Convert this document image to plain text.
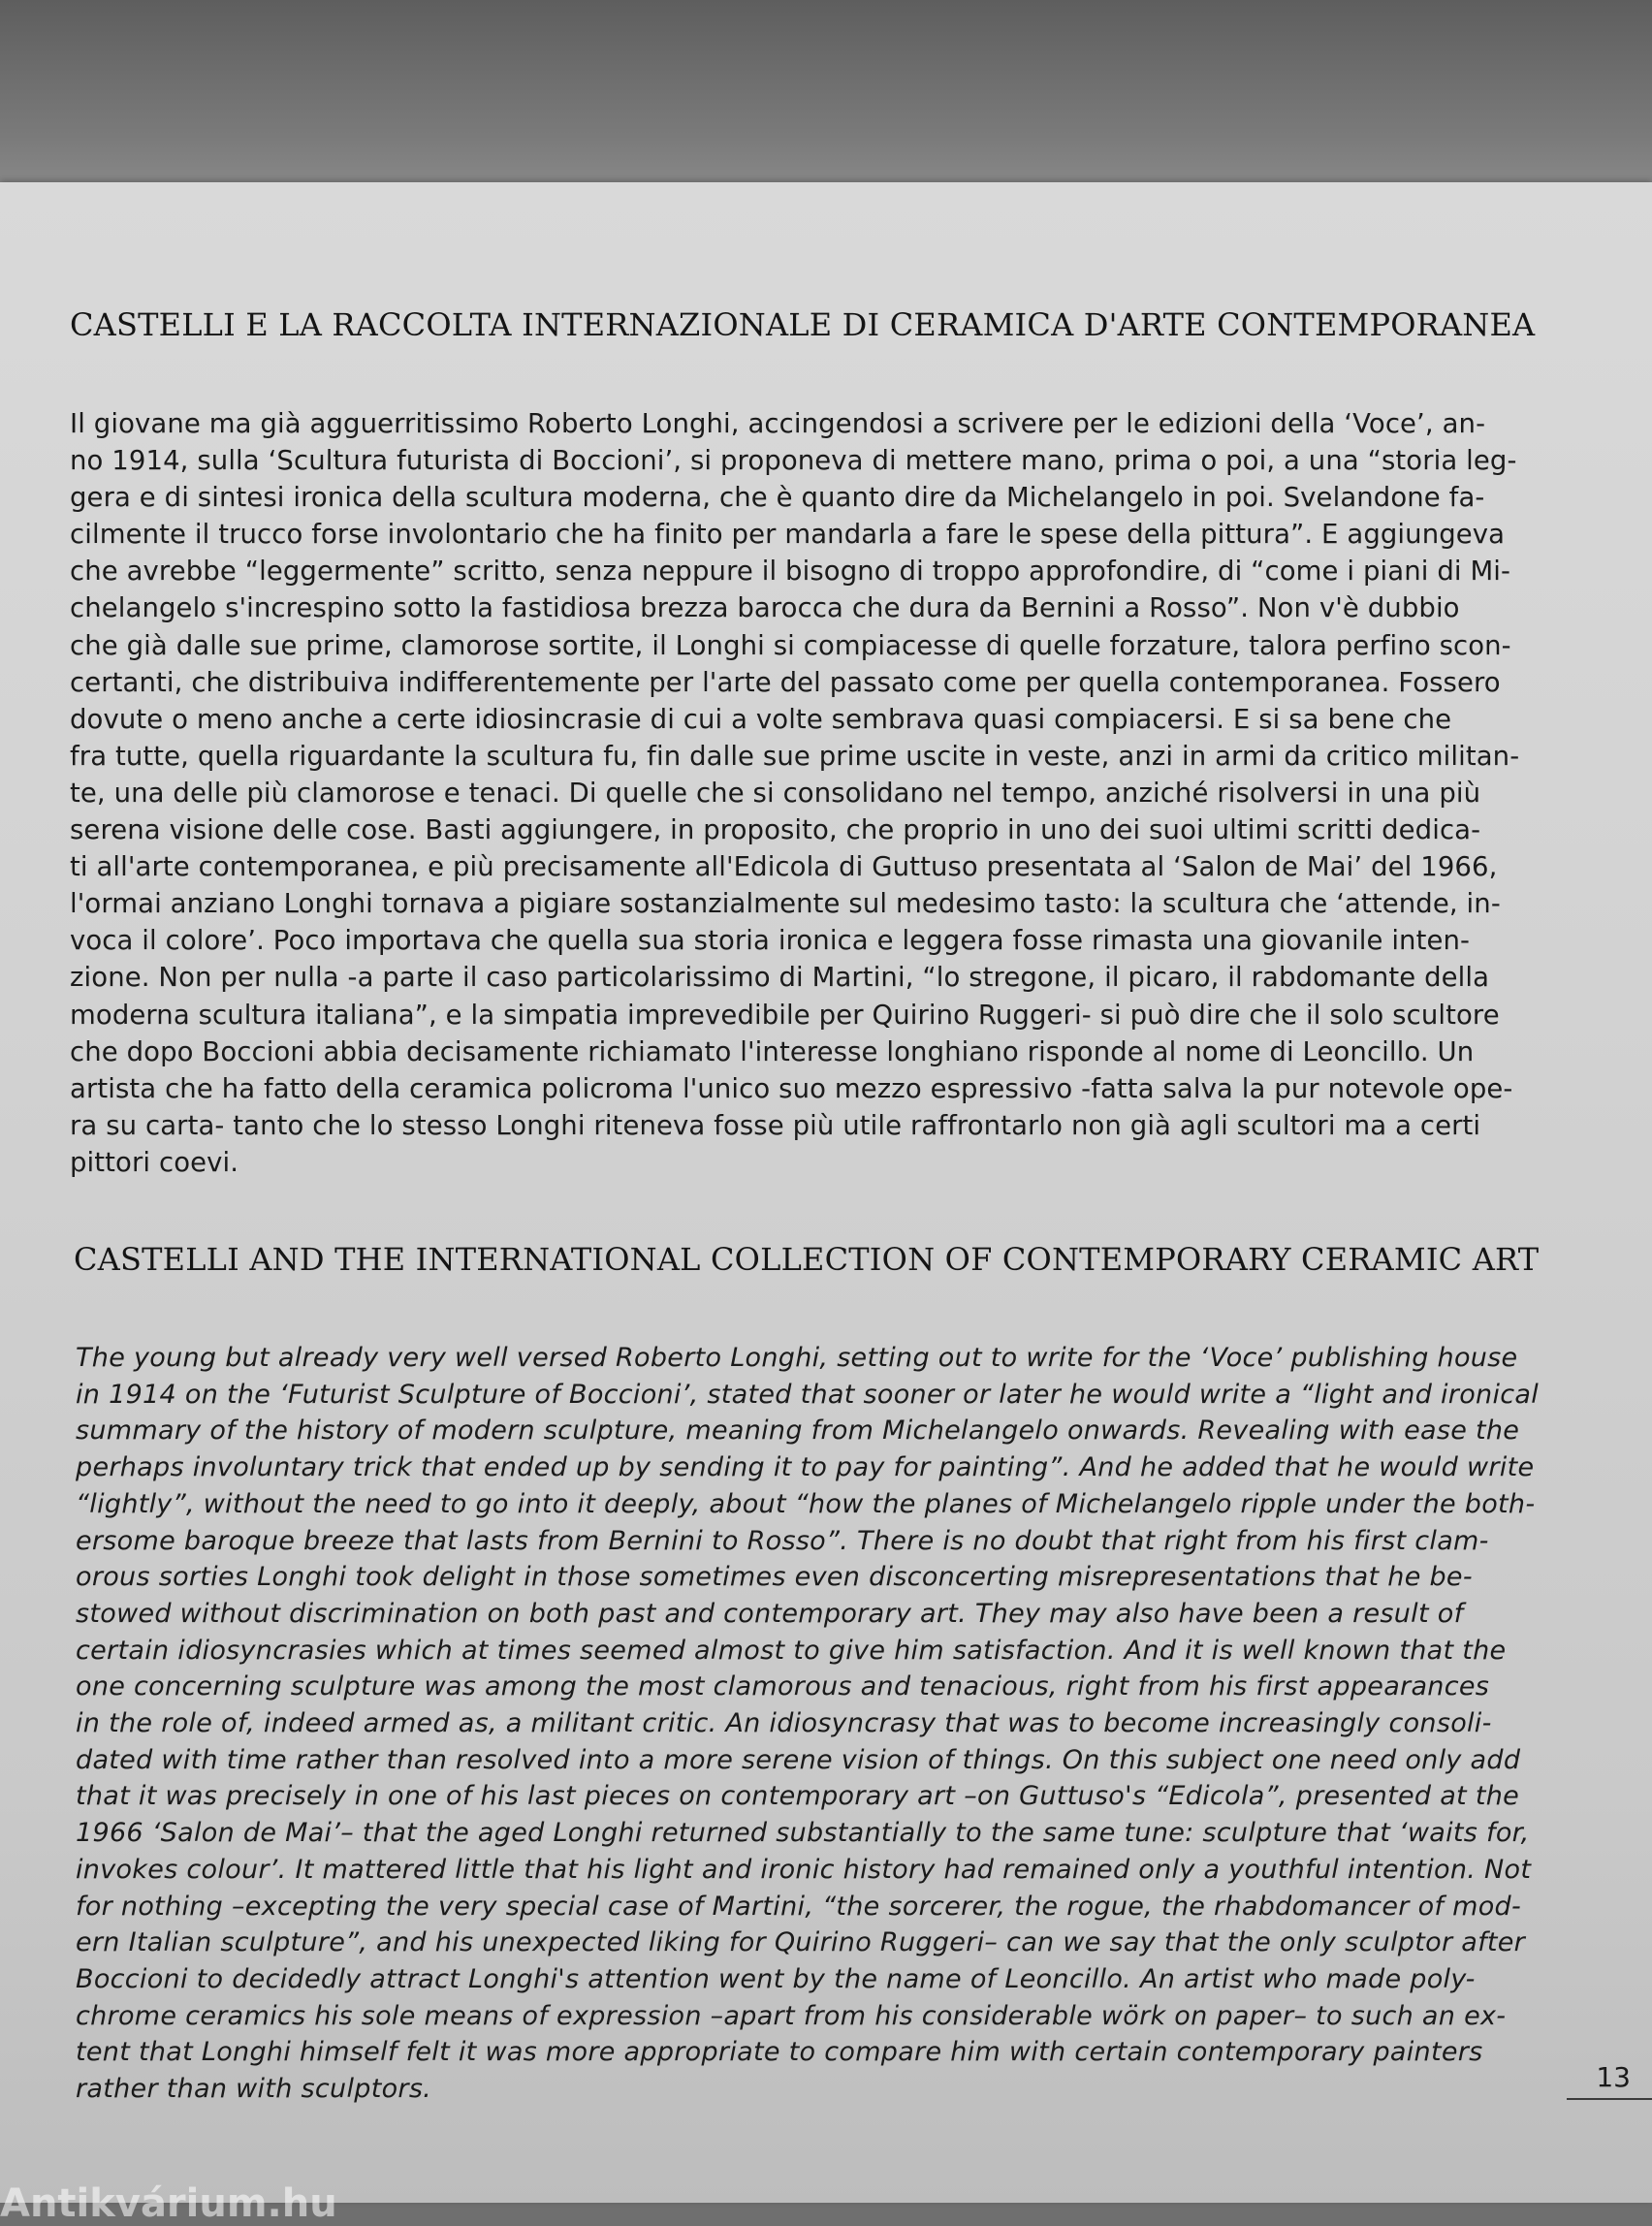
CASTELLI E LA RACCOLTA INTERNAZIONALE DI CERAMICA D'ARTE CONTEMPORANEA
Il giovane ma già agguerritissimo Roberto Longhi, accingendosi a scrivere per le edizioni della ‘Voce’, an-
no 1914, sulla ‘Scultura futurista di Boccioni’, si proponeva di mettere mano, prima o poi, a una “storia leg-
gera e di sintesi ironica della scultura moderna, che è quanto dire da Michelangelo in poi. Svelandone fa-
cilmente il trucco forse involontario che ha finito per mandarla a fare le spese della pittura”. E aggiungeva
che avrebbe “leggermente” scritto, senza neppure il bisogno di troppo approfondire, di “come i piani di Mi-
chelangelo s'increspino sotto la fastidiosa brezza barocca che dura da Bernini a Rosso”. Non v'è dubbio
che già dalle sue prime, clamorose sortite, il Longhi si compiacesse di quelle forzature, talora perfino scon-
certanti, che distribuiva indifferentemente per l'arte del passato come per quella contemporanea. Fossero
dovute o meno anche a certe idiosincrasie di cui a volte sembrava quasi compiacersi. E si sa bene che
fra tutte, quella riguardante la scultura fu, fin dalle sue prime uscite in veste, anzi in armi da critico militan-
te, una delle più clamorose e tenaci. Di quelle che si consolidano nel tempo, anziché risolversi in una più
serena visione delle cose. Basti aggiungere, in proposito, che proprio in uno dei suoi ultimi scritti dedica-
ti all'arte contemporanea, e più precisamente all'Edicola di Guttuso presentata al ‘Salon de Mai’ del 1966,
l'ormai anziano Longhi tornava a pigiare sostanzialmente sul medesimo tasto: la scultura che ‘attende, in-
voca il colore’. Poco importava che quella sua storia ironica e leggera fosse rimasta una giovanile inten-
zione. Non per nulla -a parte il caso particolarissimo di Martini, “lo stregone, il picaro, il rabdomante della
moderna scultura italiana”, e la simpatia imprevedibile per Quirino Ruggeri- si può dire che il solo scultore
che dopo Boccioni abbia decisamente richiamato l'interesse longhiano risponde al nome di Leoncillo. Un
artista che ha fatto della ceramica policroma l'unico suo mezzo espressivo -fatta salva la pur notevole ope-
ra su carta- tanto che lo stesso Longhi riteneva fosse più utile raffrontarlo non già agli scultori ma a certi
pittori coevi.
CASTELLI AND THE INTERNATIONAL COLLECTION OF CONTEMPORARY CERAMIC ART
The young but already very well versed Roberto Longhi, setting out to write for the ‘Voce’ publishing house
in 1914 on the ‘Futurist Sculpture of Boccioni’, stated that sooner or later he would write a “light and ironical
summary of the history of modern sculpture, meaning from Michelangelo onwards. Revealing with ease the
perhaps involuntary trick that ended up by sending it to pay for painting”. And he added that he would write
“lightly”, without the need to go into it deeply, about “how the planes of Michelangelo ripple under the both-
ersome baroque breeze that lasts from Bernini to Rosso”. There is no doubt that right from his first clam-
orous sorties Longhi took delight in those sometimes even disconcerting misrepresentations that he be-
stowed without discrimination on both past and contemporary art. They may also have been a result of
certain idiosyncrasies which at times seemed almost to give him satisfaction. And it is well known that the
one concerning sculpture was among the most clamorous and tenacious, right from his first appearances
in the role of, indeed armed as, a militant critic. An idiosyncrasy that was to become increasingly consoli-
dated with time rather than resolved into a more serene vision of things. On this subject one need only add
that it was precisely in one of his last pieces on contemporary art –on Guttuso's “Edicola”, presented at the
1966 ‘Salon de Mai’– that the aged Longhi returned substantially to the same tune: sculpture that ‘waits for,
invokes colour’. It mattered little that his light and ironic history had remained only a youthful intention. Not
for nothing –excepting the very special case of Martini, “the sorcerer, the rogue, the rhabdomancer of mod-
ern Italian sculpture”, and his unexpected liking for Quirino Ruggeri– can we say that the only sculptor after
Boccioni to decidedly attract Longhi's attention went by the name of Leoncillo. An artist who made poly-
chrome ceramics his sole means of expression –apart from his considerable wörk on paper– to such an ex-
tent that Longhi himself felt it was more appropriate to compare him with certain contemporary painters
rather than with sculptors.	13
Antikvárium.hu
